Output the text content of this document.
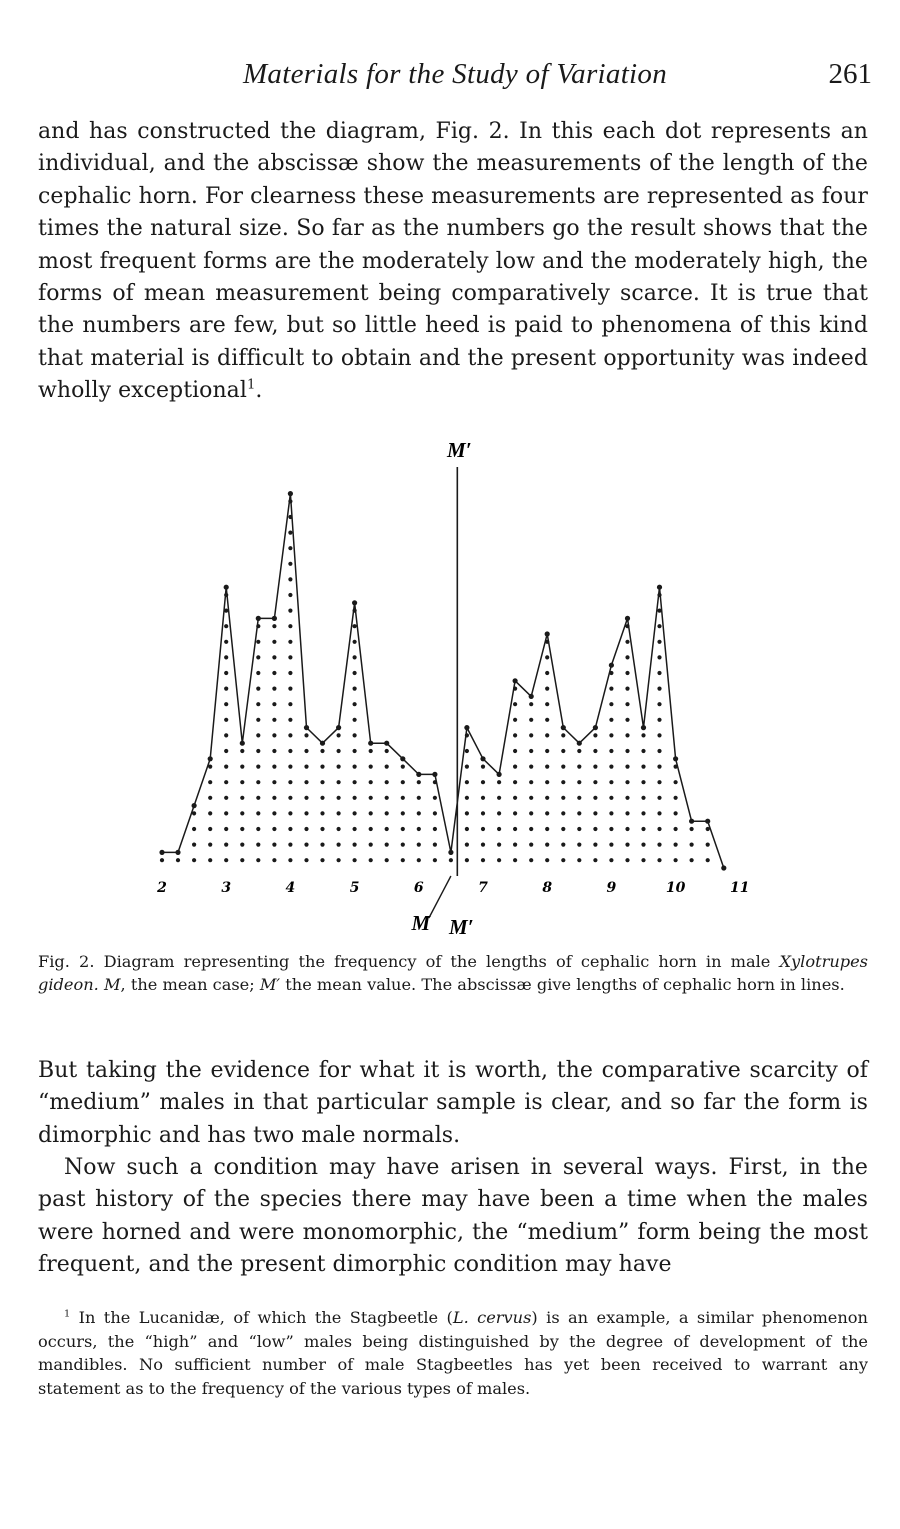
Materials for the Study of Variation	261

and has constructed the diagram, Fig. 2. In this each dot represents an individual, and the abscissæ show the measurements of the length of the cephalic horn. For clearness these measurements are represented as four times the natural size. So far as the numbers go the result shows that the most frequent forms are the moderately low and the moderately high, the forms of mean measurement being comparatively scarce. It is true that the numbers are few, but so little heed is paid to phenomena of this kind that material is difficult to obtain and the present opportunity was indeed wholly exceptional$^1$.

2	3	4	5	6	7	8	9	10	11
M M′
M′

Fig. 2. Diagram representing the frequency of the lengths of cephalic horn in male Xylotrupes gideon. M, the mean case; M′ the mean value. The abscissæ give lengths of cephalic horn in lines.

But taking the evidence for what it is worth, the comparative scarcity of “medium” males in that particular sample is clear, and so far the form is dimorphic and has two male normals.

Now such a condition may have arisen in several ways. First, in the past history of the species there may have been a time when the males were horned and were monomorphic, the “medium” form being the most frequent, and the present dimorphic condition may have

$^1$ In the Lucanidæ, of which the Stagbeetle (L. cervus) is an example, a similar phenomenon occurs, the “high” and “low” males being distinguished by the degree of development of the mandibles. No sufficient number of male Stagbeetles has yet been received to warrant any statement as to the frequency of the various types of males.
